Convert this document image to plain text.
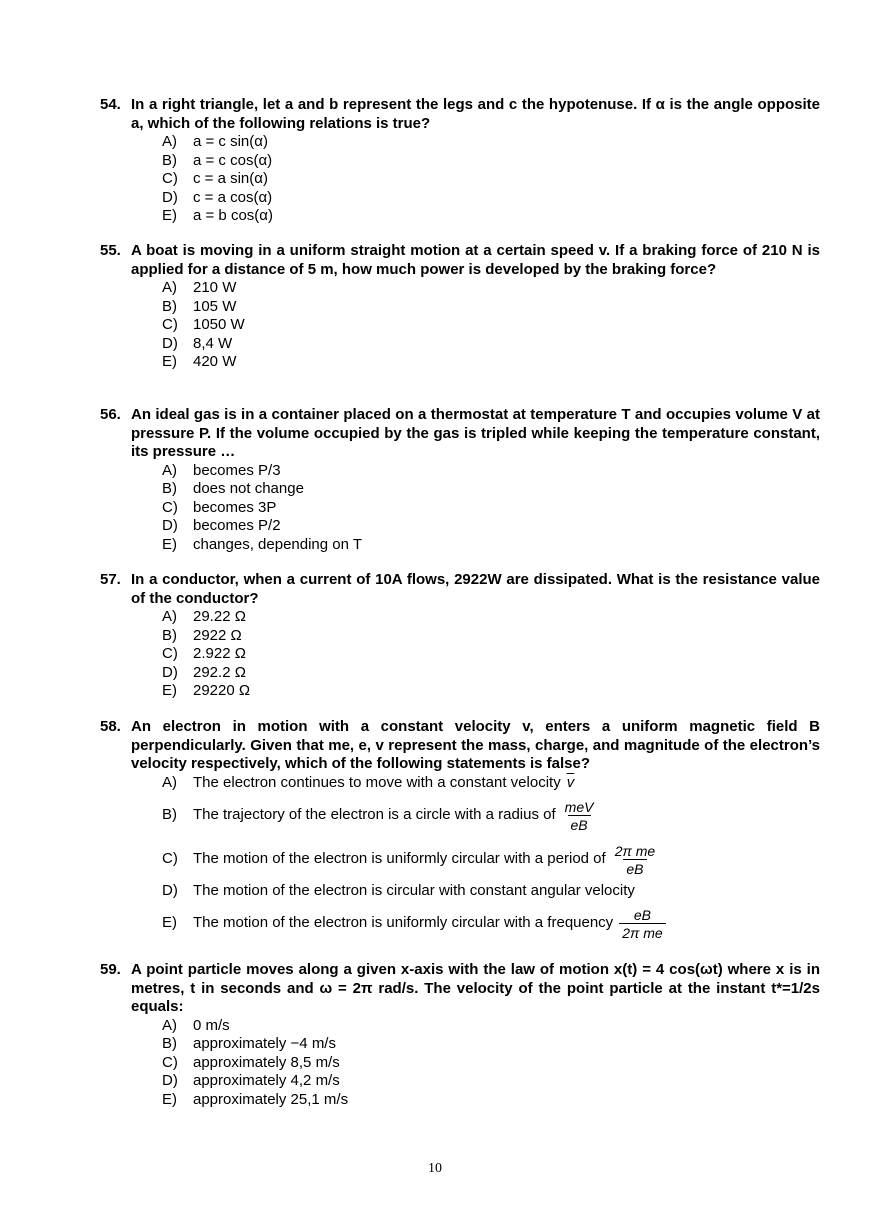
54. In a right triangle, let a and b represent the legs and c the hypotenuse. If α is the angle opposite a, which of the following relations is true?
A)	a = c sin(α)
B)	a = c cos(α)
C)	c = a sin(α)
D)	c = a cos(α)
E)	a = b cos(α)
55. A boat is moving in a uniform straight motion at a certain speed v. If a braking force of 210 N is applied for a distance of 5 m, how much power is developed by the braking force?
A)	210 W
B)	105 W
C)	1050 W
D)	8,4 W
E)	420 W
56. An ideal gas is in a container placed on a thermostat at temperature T and occupies volume V at pressure P. If the volume occupied by the gas is tripled while keeping the temperature constant, its pressure …
A)	becomes P/3
B)	does not change
C)	becomes 3P
D)	becomes P/2
E)	changes, depending on T
57. In a conductor, when a current of 10A flows, 2922W are dissipated. What is the resistance value of the conductor?
A)	29.22 Ω
B)	2922 Ω
C)	2.922 Ω
D)	292.2 Ω
E)	29220 Ω
58. An electron in motion with a constant velocity v, enters a uniform magnetic field B perpendicularly. Given that me, e, v represent the mass, charge, and magnitude of the electron’s velocity respectively, which of the following statements is false?
A)	The electron continues to move with a constant velocity $\overline{v}$
B)	The trajectory of the electron is a circle with a radius of $\frac{\text{meV}}{eB}$
C)	The motion of the electron is uniformly circular with a period of $\frac{\text{2π me}}{eB}$
D)	The motion of the electron is circular with constant angular velocity
E)	The motion of the electron is uniformly circular with a frequency $\frac{eB}{\text{2π me}}$
59. A point particle moves along a given x-axis with the law of motion x(t) = 4 cos(ωt) where x is in metres, t in seconds and ω = 2π rad/s. The velocity of the point particle at the instant t*=1/2s equals:
A)	0 m/s
B)	approximately −4 m/s
C)	approximately 8,5 m/s
D)	approximately 4,2 m/s
E)	approximately 25,1 m/s
10
